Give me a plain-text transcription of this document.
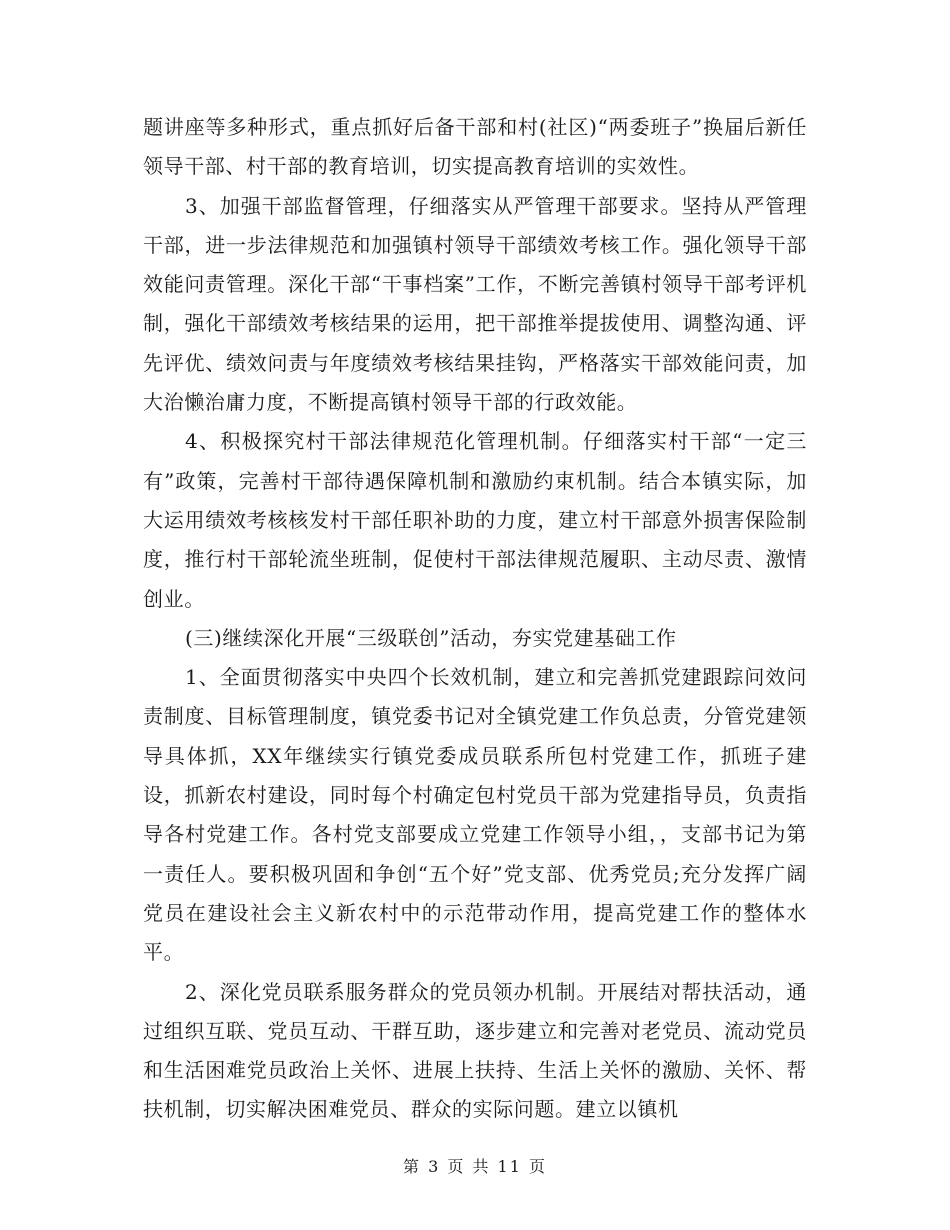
题讲座等多种形式，重点抓好后备干部和村(社区)“两委班子”换届后新任领导干部、村干部的教育培训，切实提高教育培训的实效性。

3、加强干部监督管理，仔细落实从严管理干部要求。坚持从严管理干部，进一步法律规范和加强镇村领导干部绩效考核工作。强化领导干部效能问责管理。深化干部“干事档案”工作，不断完善镇村领导干部考评机制，强化干部绩效考核结果的运用，把干部推举提拔使用、调整沟通、评先评优、绩效问责与年度绩效考核结果挂钩，严格落实干部效能问责，加大治懒治庸力度，不断提高镇村领导干部的行政效能。

4、积极探究村干部法律规范化管理机制。仔细落实村干部“一定三有”政策，完善村干部待遇保障机制和激励约束机制。结合本镇实际，加大运用绩效考核核发村干部任职补助的力度，建立村干部意外损害保险制度，推行村干部轮流坐班制，促使村干部法律规范履职、主动尽责、激情创业。

(三)继续深化开展“三级联创”活动，夯实党建基础工作

1、全面贯彻落实中央四个长效机制，建立和完善抓党建跟踪问效问责制度、目标管理制度，镇党委书记对全镇党建工作负总责，分管党建领导具体抓，XX年继续实行镇党委成员联系所包村党建工作，抓班子建设，抓新农村建设，同时每个村确定包村党员干部为党建指导员，负责指导各村党建工作。各村党支部要成立党建工作领导小组，，支部书记为第一责任人。要积极巩固和争创“五个好”党支部、优秀党员;充分发挥广阔党员在建设社会主义新农村中的示范带动作用，提高党建工作的整体水平。

2、深化党员联系服务群众的党员领办机制。开展结对帮扶活动，通过组织互联、党员互动、干群互助，逐步建立和完善对老党员、流动党员和生活困难党员政治上关怀、进展上扶持、生活上关怀的激励、关怀、帮扶机制，切实解决困难党员、群众的实际问题。建立以镇机

第 3 页 共 11 页
